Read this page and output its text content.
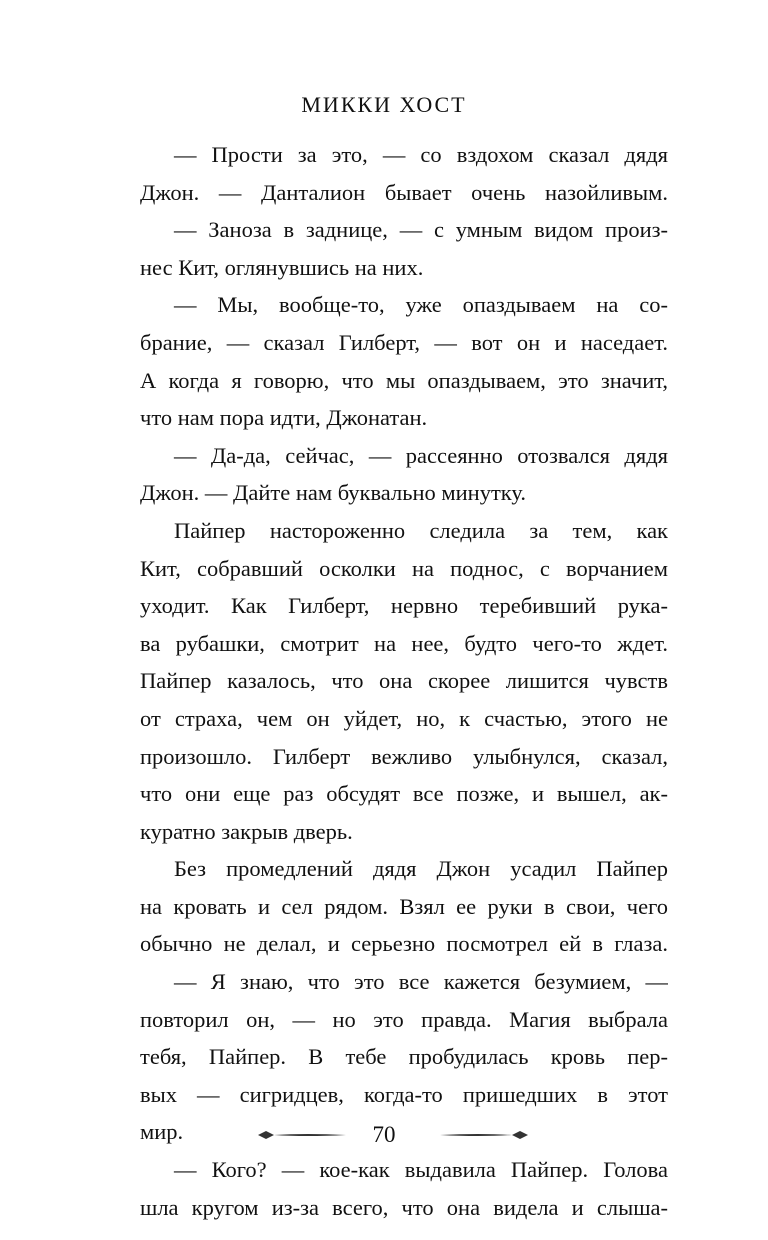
МИККИ ХОСТ
— Прости за это, — со вздохом сказал дядя
Джон. — Данталион бывает очень назойливым.
— Заноза в заднице, — с умным видом произ-
нес Кит, оглянувшись на них.
— Мы, вообще-то, уже опаздываем на со-
брание, — сказал Гилберт, — вот он и наседает.
А когда я говорю, что мы опаздываем, это значит,
что нам пора идти, Джонатан.
— Да-да, сейчас, — рассеянно отозвался дядя
Джон. — Дайте нам буквально минутку.
Пайпер настороженно следила за тем, как
Кит, собравший осколки на поднос, с ворчанием
уходит. Как Гилберт, нервно теребивший рука-
ва рубашки, смотрит на нее, будто чего-то ждет.
Пайпер казалось, что она скорее лишится чувств
от страха, чем он уйдет, но, к счастью, этого не
произошло. Гилберт вежливо улыбнулся, сказал,
что они еще раз обсудят все позже, и вышел, ак-
куратно закрыв дверь.
Без промедлений дядя Джон усадил Пайпер
на кровать и сел рядом. Взял ее руки в свои, чего
обычно не делал, и серьезно посмотрел ей в глаза.
— Я знаю, что это все кажется безумием, —
повторил он, — но это правда. Магия выбрала
тебя, Пайпер. В тебе пробудилась кровь пер-
вых — сигридцев, когда-то пришедших в этот
мир.
— Кого? — кое-как выдавила Пайпер. Голова
шла кругом из-за всего, что она видела и слыша-
70
